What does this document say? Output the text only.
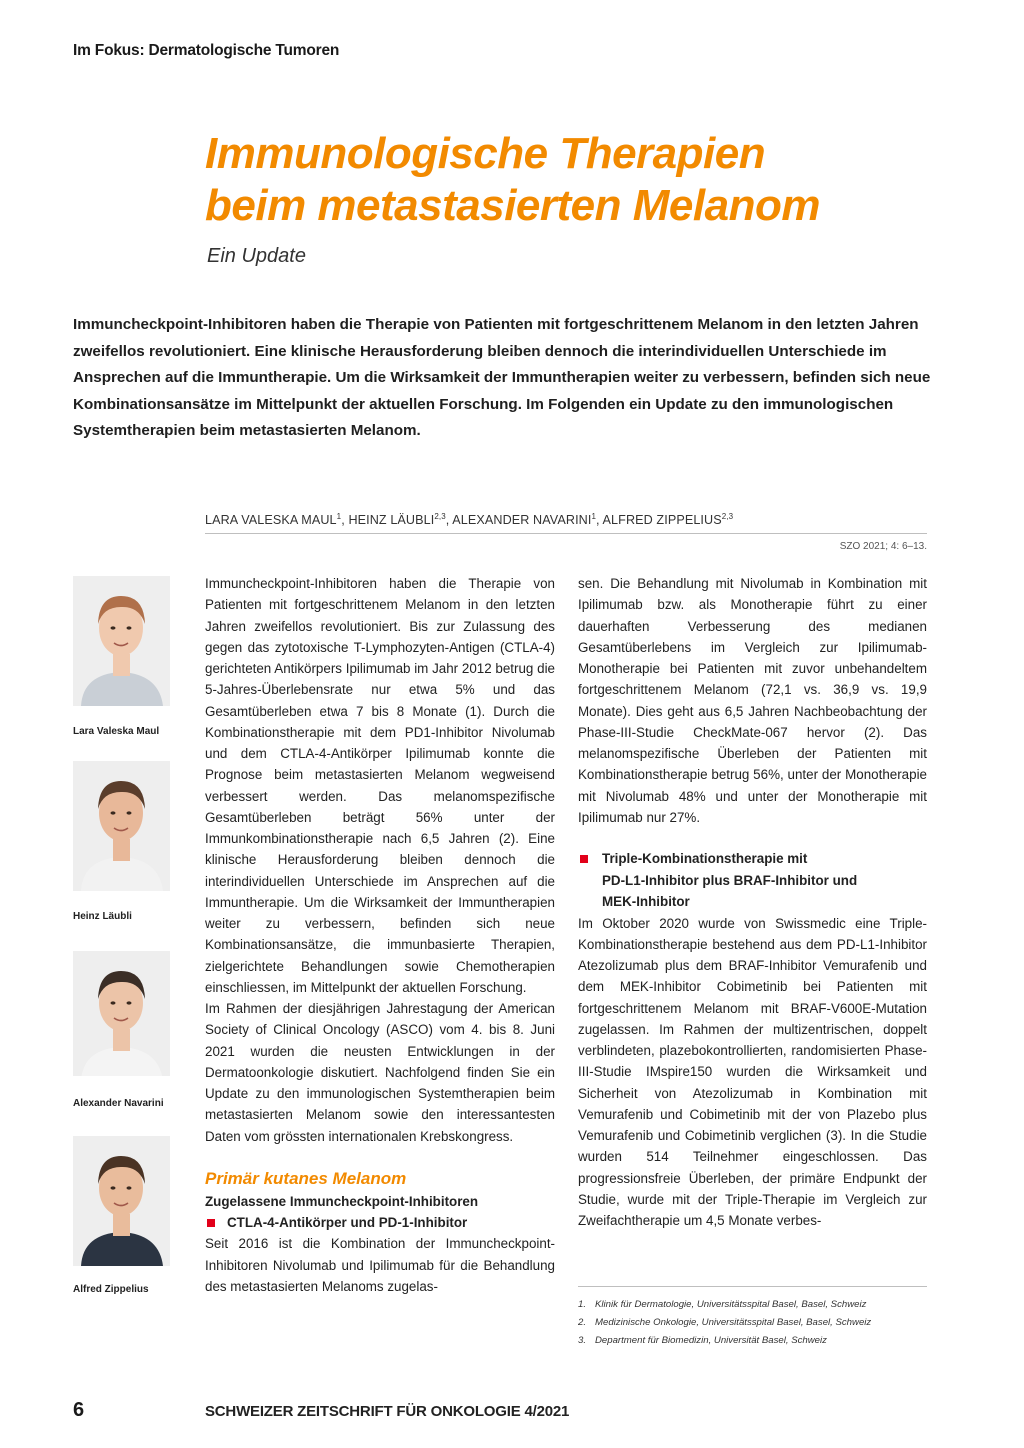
Im Fokus: Dermatologische Tumoren
Immunologische Therapien
beim metastasierten Melanom
Ein Update
Immuncheckpoint-Inhibitoren haben die Therapie von Patienten mit fortgeschrittenem Melanom in den letzten Jahren zweifellos revolutioniert. Eine klinische Herausforderung bleiben dennoch die interindividuellen Unterschiede im Ansprechen auf die Immuntherapie. Um die Wirksamkeit der Immuntherapien weiter zu verbessern, befinden sich neue Kombinationsansätze im Mittelpunkt der aktuellen Forschung. Im Folgenden ein Update zu den immunologischen Systemtherapien beim metastasierten Melanom.
LARA VALESKA MAUL$^1$, HEINZ LÄUBLI$^{2,3}$, ALEXANDER NAVARINI$^1$, ALFRED ZIPPELIUS$^{2,3}$
SZO 2021; 4: 6–13.
Lara Valeska Maul
Heinz Läubli
Alexander Navarini
Alfred Zippelius

Immuncheckpoint-Inhibitoren haben die Therapie von Patienten mit fortgeschrittenem Melanom in den letzten Jahren zweifellos revolutioniert. Bis zur Zulassung des gegen das zytotoxische T-Lymphozyten-Antigen (CTLA-4) gerichteten Antikörpers Ipilimumab im Jahr 2012 betrug die 5-Jahres-Überlebensrate nur etwa 5% und das Gesamtüberleben etwa 7 bis 8 Monate (1). Durch die Kombinationstherapie mit dem PD1-Inhibitor Nivolumab und dem CTLA-4-Antikörper Ipilimumab konnte die Prognose beim metastasierten Melanom wegweisend verbessert werden. Das melanomspezifische Gesamtüberleben beträgt 56% unter der Immunkombinationstherapie nach 6,5 Jahren (2). Eine klinische Herausforderung bleiben dennoch die interindividuellen Unterschiede im Ansprechen auf die Immuntherapie. Um die Wirksamkeit der Immuntherapien weiter zu verbessern, befinden sich neue Kombinationsansätze, die immunbasierte Therapien, zielgerichtete Behandlungen sowie Chemotherapien einschliessen, im Mittelpunkt der aktuellen Forschung.

Im Rahmen der diesjährigen Jahrestagung der American Society of Clinical Oncology (ASCO) vom 4. bis 8. Juni 2021 wurden die neusten Entwicklungen in der Dermatoonkologie diskutiert. Nachfolgend finden Sie ein Update zu den immunologischen Systemtherapien beim metastasierten Melanom sowie den interessantesten Daten vom grössten internationalen Krebskongress.

Primär kutanes Melanom
Zugelassene Immuncheckpoint-Inhibitoren
CTLA-4-Antikörper und PD-1-Inhibitor

Seit 2016 ist die Kombination der Immuncheckpoint-Inhibitoren Nivolumab und Ipilimumab für die Behandlung des metastasierten Melanoms zugelas-

sen. Die Behandlung mit Nivolumab in Kombination mit Ipilimumab bzw. als Monotherapie führt zu einer dauerhaften Verbesserung des medianen Gesamtüberlebens im Vergleich zur Ipilimumab-Monotherapie bei Patienten mit zuvor unbehandeltem fortgeschrittenem Melanom (72,1 vs. 36,9 vs. 19,9 Monate). Dies geht aus 6,5 Jahren Nachbeobachtung der Phase-III-Studie CheckMate-067 hervor (2). Das melanomspezifische Überleben der Patienten mit Kombinationstherapie betrug 56%, unter der Monotherapie mit Nivolumab 48% und unter der Monotherapie mit Ipilimumab nur 27%.

Triple-Kombinationstherapie mit
PD-L1-Inhibitor plus BRAF-Inhibitor und
MEK-Inhibitor

Im Oktober 2020 wurde von Swissmedic eine Triple-Kombinationstherapie bestehend aus dem PD-L1-Inhibitor Atezolizumab plus dem BRAF-Inhibitor Vemurafenib und dem MEK-Inhibitor Cobimetinib bei Patienten mit fortgeschrittenem Melanom mit BRAF-V600E-Mutation zugelassen. Im Rahmen der multizentrischen, doppelt verblindeten, plazebokontrollierten, randomisierten Phase-III-Studie IMspire150 wurden die Wirksamkeit und Sicherheit von Atezolizumab in Kombination mit Vemurafenib und Cobimetinib mit der von Plazebo plus Vemurafenib und Cobimetinib verglichen (3). In die Studie wurden 514 Teilnehmer eingeschlossen. Das progressionsfreie Überleben, der primäre Endpunkt der Studie, wurde mit der Triple-Therapie im Vergleich zur Zweifachtherapie um 4,5 Monate verbes-

1. Klinik für Dermatologie, Universitätsspital Basel, Basel, Schweiz
2. Medizinische Onkologie, Universitätsspital Basel, Basel, Schweiz
3. Department für Biomedizin, Universität Basel, Schweiz
6	SCHWEIZER ZEITSCHRIFT FÜR ONKOLOGIE 4/2021
